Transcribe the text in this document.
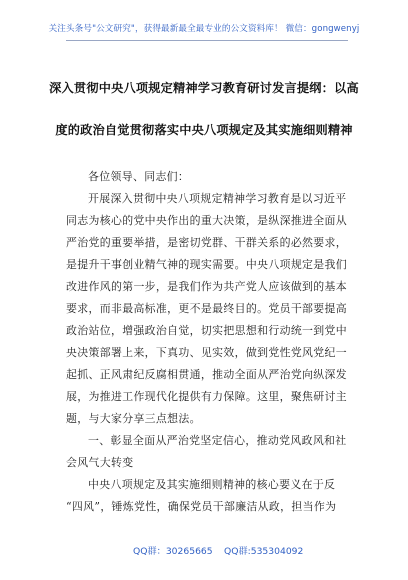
关注头条号"公文研究"，获得最新最全最专业的公文资料库！ 微信：gongwenyj
深入贯彻中央八项规定精神学习教育研讨发言提纲：以高
度的政治自觉贯彻落实中央八项规定及其实施细则精神
各位领导、同志们：
开展深入贯彻中央八项规定精神学习教育是以习近平
同志为核心的党中央作出的重大决策，是纵深推进全面从
严治党的重要举措，是密切党群、干群关系的必然要求，
是提升干事创业精气神的现实需要。中央八项规定是我们
改进作风的第一步，是我们作为共产党人应该做到的基本
要求，而非最高标准，更不是最终目的。党员干部要提高
政治站位，增强政治自觉，切实把思想和行动统一到党中
央决策部署上来，下真功、见实效，做到党性党风党纪一
起抓、正风肃纪反腐相贯通，推动全面从严治党向纵深发
展，为推进工作现代化提供有力保障。这里，聚焦研讨主
题，与大家分享三点想法。
一、彰显全面从严治党坚定信心，推动党风政风和社
会风气大转变
中央八项规定及其实施细则精神的核心要义在于反
“四风”，锤炼党性，确保党员干部廉洁从政，担当作为
QQ群：30265665 QQ群:535304092
